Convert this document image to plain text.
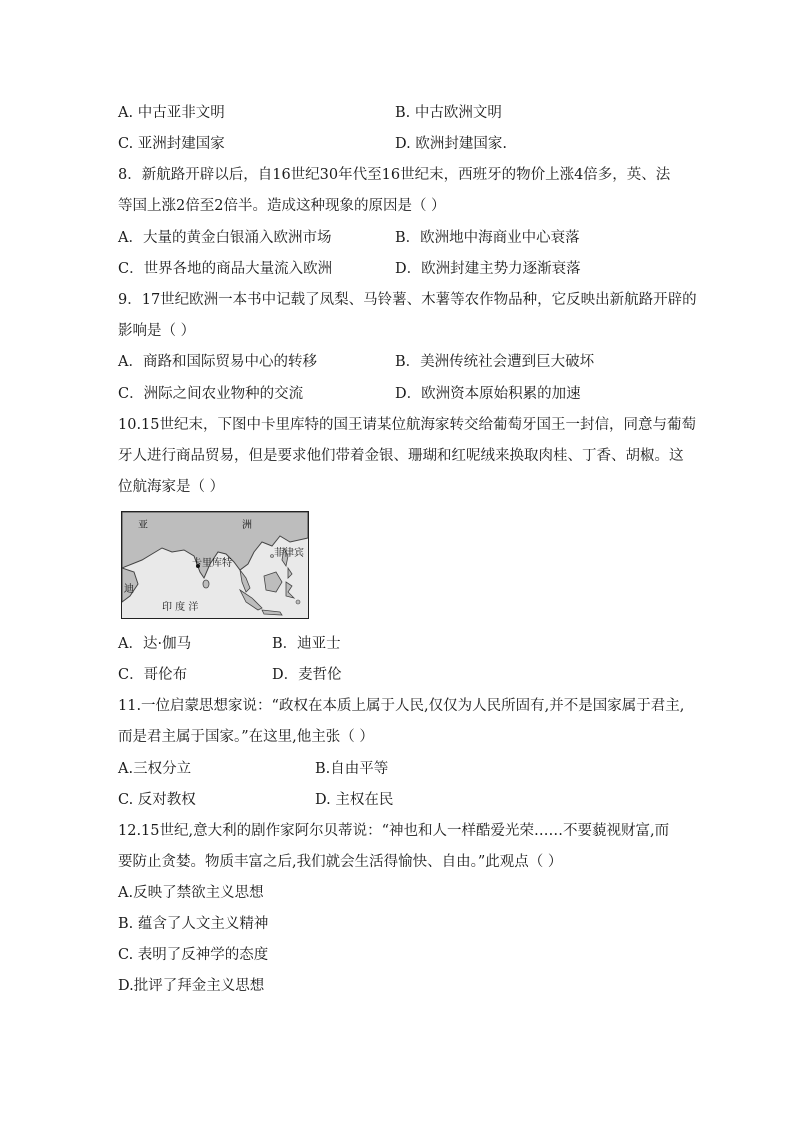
A. 中古亚非文明	B. 中古欧洲文明
C. 亚洲封建国家	D. 欧洲封建国家.
8．新航路开辟以后，自16世纪30年代至16世纪末，西班牙的物价上涨4倍多，英、法
等国上涨2倍至2倍半。造成这种现象的原因是（ ）
A．大量的黄金白银涌入欧洲市场	B．欧洲地中海商业中心衰落
C．世界各地的商品大量流入欧洲	D．欧洲封建主势力逐渐衰落
9．17世纪欧洲一本书中记载了凤梨、马铃薯、木薯等农作物品种，它反映出新航路开辟的
影响是（ ）
A．商路和国际贸易中心的转移	B．美洲传统社会遭到巨大破坏
C．洲际之间农业物种的交流	D．欧洲资本原始积累的加速
10.15世纪末，下图中卡里库特的国王请某位航海家转交给葡萄牙国王一封信，同意与葡萄
牙人进行商品贸易，但是要求他们带着金银、珊瑚和红呢绒来换取肉桂、丁香、胡椒。这
位航海家是（ ）
亚	洲
卡里库特
菲律宾
迪
印 度 洋
A．达·伽马	B．迪亚士
C．哥伦布	D．麦哲伦
11.一位启蒙思想家说：“政权在本质上属于人民,仅仅为人民所固有,并不是国家属于君主,
而是君主属于国家。”在这里,他主张（ ）
A.三权分立	B.自由平等
C. 反对教权	D. 主权在民
12.15世纪,意大利的剧作家阿尔贝蒂说：“神也和人一样酷爱光荣……不要藐视财富,而
要防止贪婪。物质丰富之后,我们就会生活得愉快、自由。”此观点（ ）
A.反映了禁欲主义思想
B. 蕴含了人文主义精神
C. 表明了反神学的态度
D.批评了拜金主义思想
